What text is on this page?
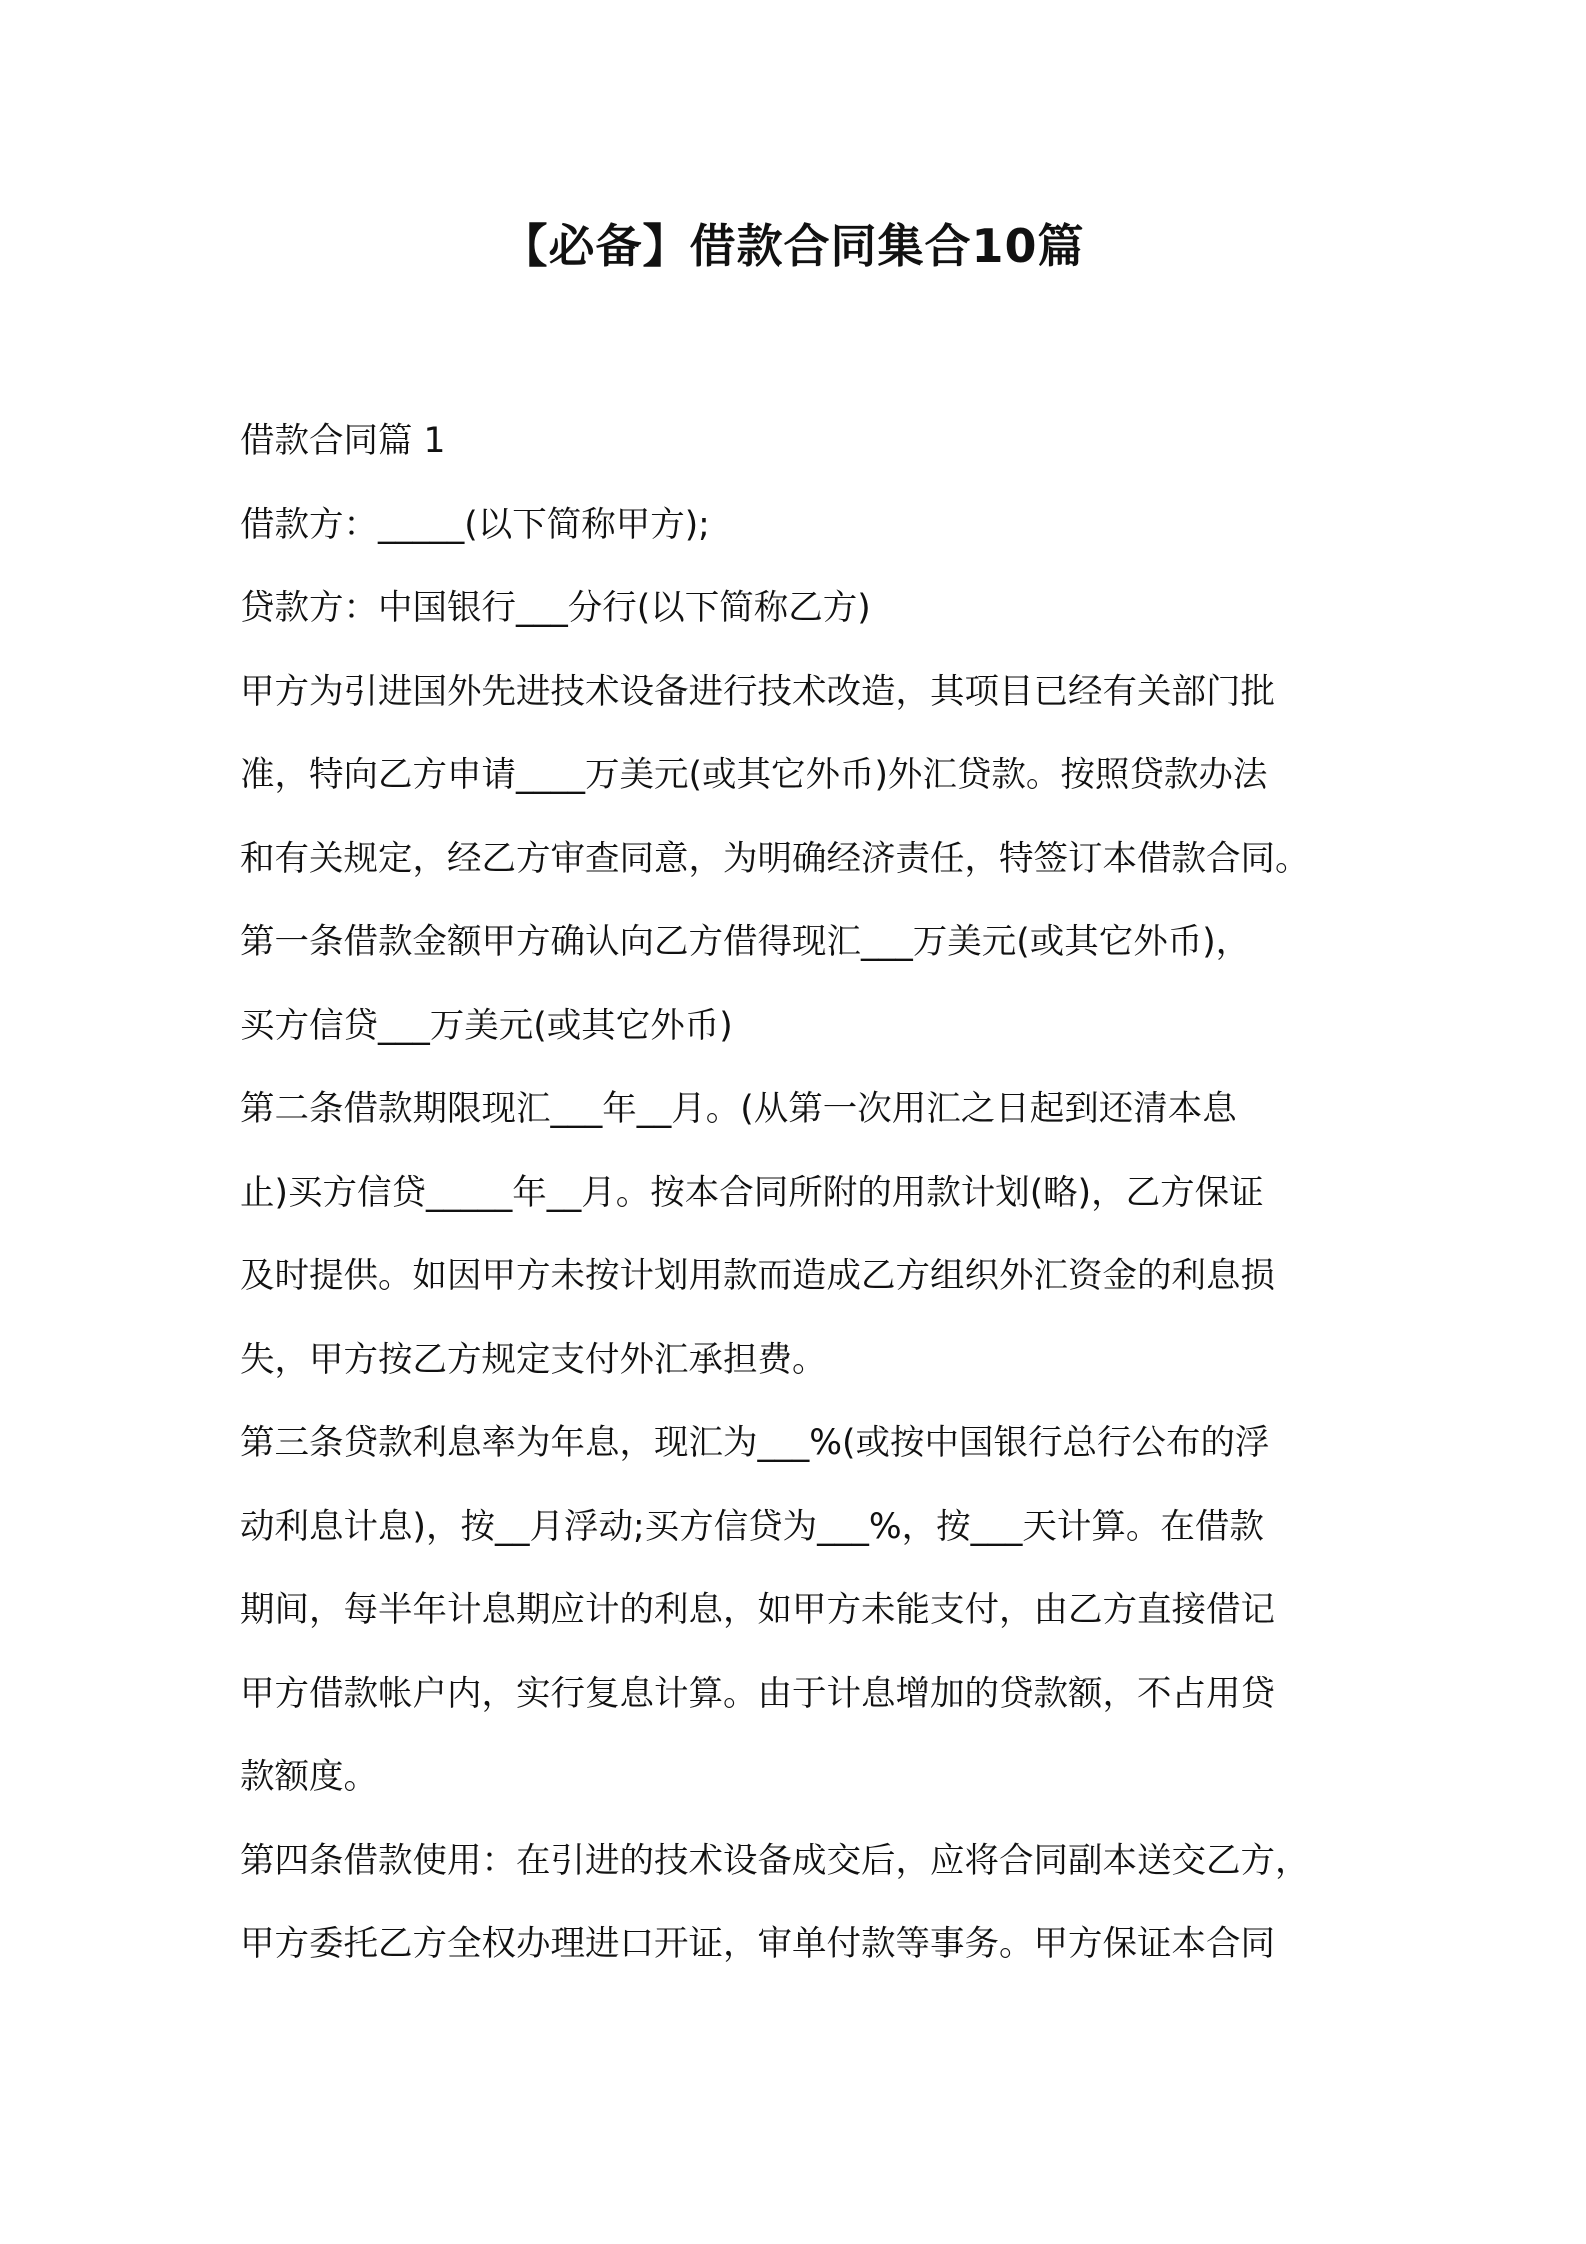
【必备】借款合同集合10篇
借款合同篇 1
借款方：_____(以下简称甲方);
贷款方：中国银行___分行(以下简称乙方)
甲方为引进国外先进技术设备进行技术改造，其项目已经有关部门批
准，特向乙方申请____万美元(或其它外币)外汇贷款。按照贷款办法
和有关规定，经乙方审查同意，为明确经济责任，特签订本借款合同。
第一条借款金额甲方确认向乙方借得现汇___万美元(或其它外币)，
买方信贷___万美元(或其它外币)
第二条借款期限现汇___年__月。(从第一次用汇之日起到还清本息
止)买方信贷_____年__月。按本合同所附的用款计划(略)，乙方保证
及时提供。如因甲方未按计划用款而造成乙方组织外汇资金的利息损
失，甲方按乙方规定支付外汇承担费。
第三条贷款利息率为年息，现汇为___%(或按中国银行总行公布的浮
动利息计息)，按__月浮动;买方信贷为___%，按___天计算。在借款
期间，每半年计息期应计的利息，如甲方未能支付，由乙方直接借记
甲方借款帐户内，实行复息计算。由于计息增加的贷款额，不占用贷
款额度。
第四条借款使用：在引进的技术设备成交后，应将合同副本送交乙方，
甲方委托乙方全权办理进口开证，审单付款等事务。甲方保证本合同
